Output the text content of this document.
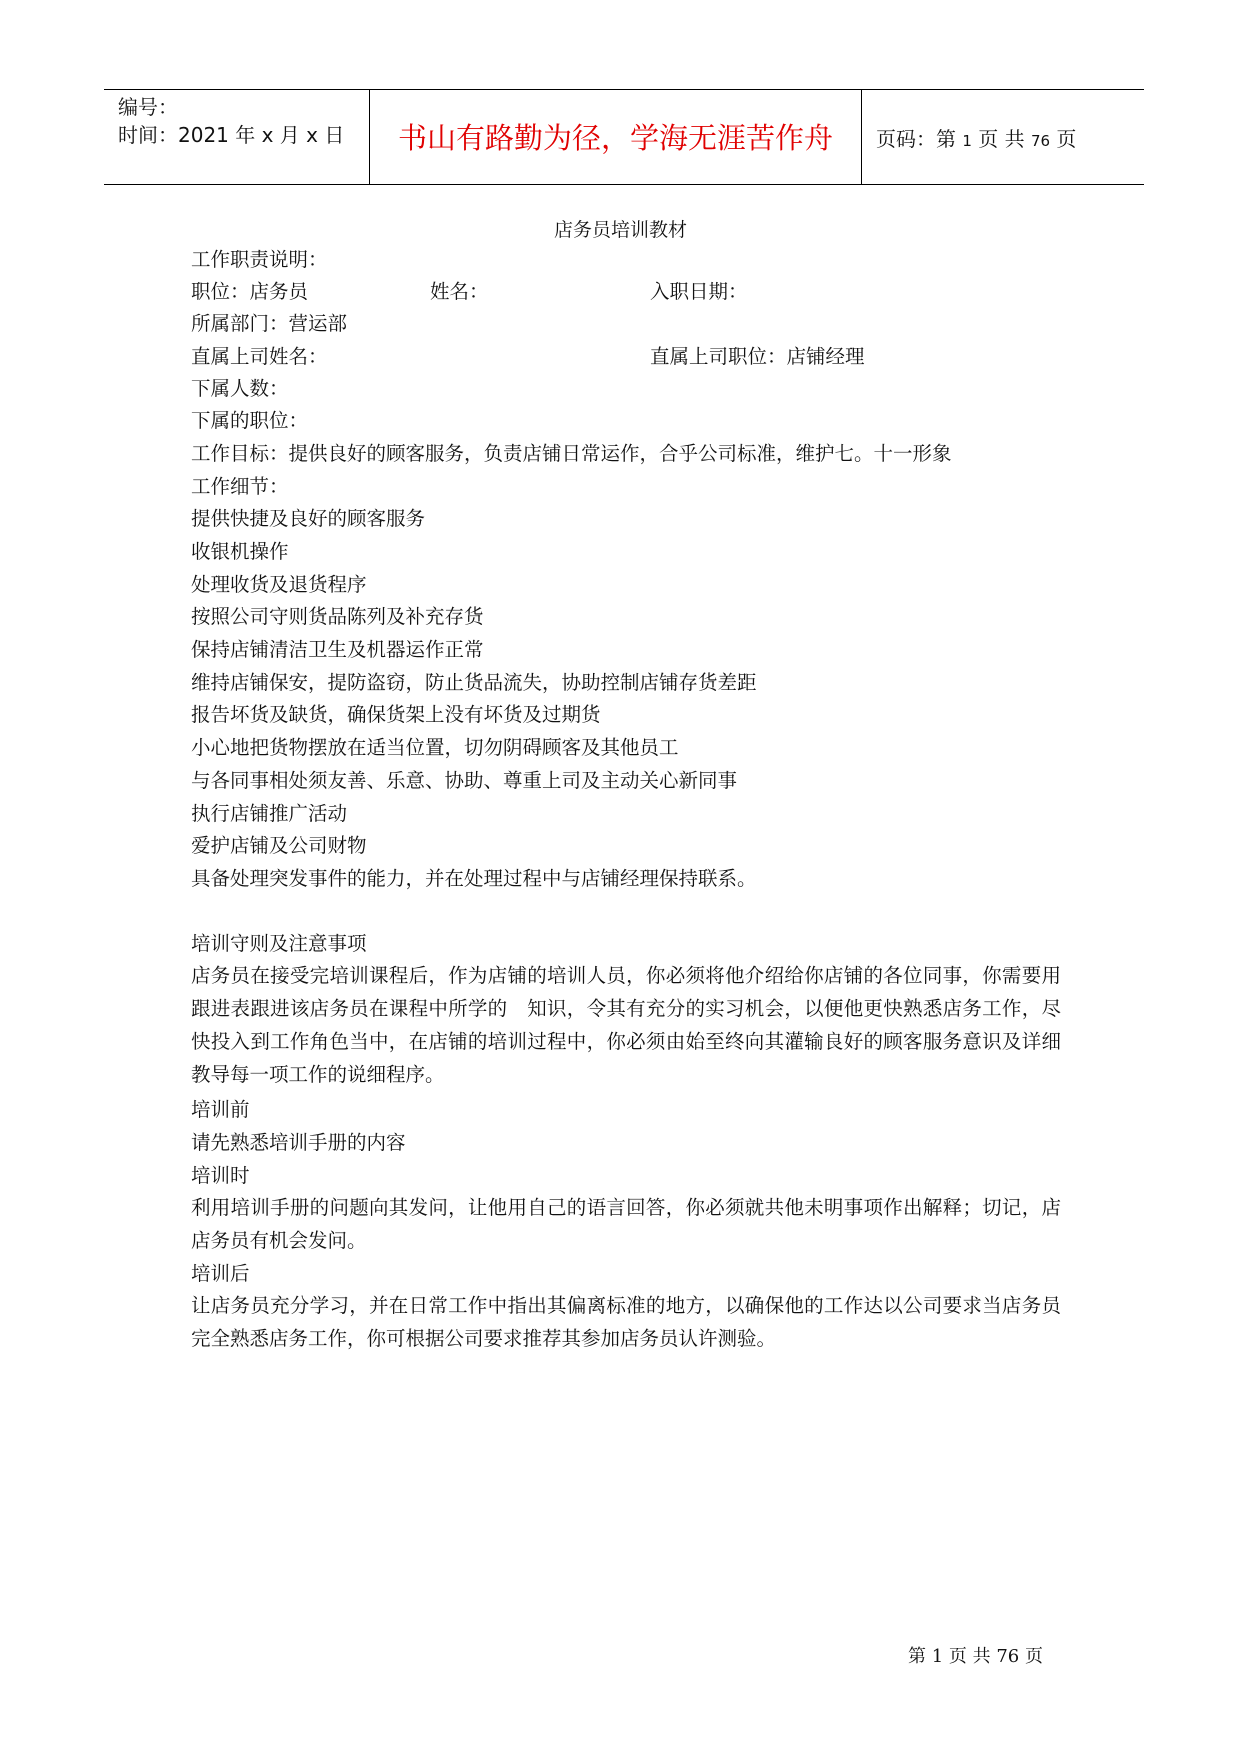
编号：
时间：2021 年 x 月 x 日	书山有路勤为径，学海无涯苦作舟	页码：第 1 页 共 76 页
店务员培训教材
工作职责说明：
职位：店务员	姓名：	入职日期：
所属部门：营运部
直属上司姓名：	直属上司职位：店铺经理
下属人数：
下属的职位：
工作目标：提供良好的顾客服务，负责店铺日常运作，合乎公司标准，维护七。十一形象
工作细节：
提供快捷及良好的顾客服务
收银机操作
处理收货及退货程序
按照公司守则货品陈列及补充存货
保持店铺清洁卫生及机器运作正常
维持店铺保安，提防盗窃，防止货品流失，协助控制店铺存货差距
报告坏货及缺货，确保货架上没有坏货及过期货
小心地把货物摆放在适当位置，切勿阴碍顾客及其他员工
与各同事相处须友善、乐意、协助、尊重上司及主动关心新同事
执行店铺推广活动
爱护店铺及公司财物
具备处理突发事件的能力，并在处理过程中与店铺经理保持联系。
培训守则及注意事项
店务员在接受完培训课程后，作为店铺的培训人员，你必须将他介绍给你店铺的各位同事，你需要用跟进表跟进该店务员在课程中所学的　知识，令其有充分的实习机会，以便他更快熟悉店务工作，尽快投入到工作角色当中，在店铺的培训过程中，你必须由始至终向其灌输良好的顾客服务意识及详细教导每一项工作的说细程序。
培训前
请先熟悉培训手册的内容
培训时
利用培训手册的问题向其发问，让他用自己的语言回答，你必须就共他未明事项作出解释；切记，店店务员有机会发问。
培训后
让店务员充分学习，并在日常工作中指出其偏离标准的地方，以确保他的工作达以公司要求当店务员完全熟悉店务工作，你可根据公司要求推荐其参加店务员认许测验。
第 1 页 共 76 页
